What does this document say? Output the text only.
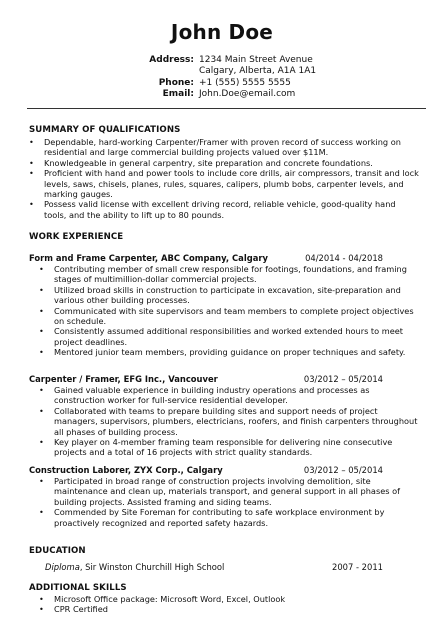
John Doe
Address: 1234 Main Street Avenue
Calgary, Alberta, A1A 1A1
Phone: +1 (555) 5555 5555
Email: John.Doe@email.com
SUMMARY OF QUALIFICATIONS
• Dependable, hard-working Carpenter/Framer with proven record of success working on residential and large commercial building projects valued over $11M.
• Knowledgeable in general carpentry, site preparation and concrete foundations.
• Proficient with hand and power tools to include core drills, air compressors, transit and lock levels, saws, chisels, planes, rules, squares, calipers, plumb bobs, carpenter levels, and marking gauges.
• Possess valid license with excellent driving record, reliable vehicle, good-quality hand tools, and the ability to lift up to 80 pounds.
WORK EXPERIENCE
Form and Frame Carpenter, ABC Company, Calgary	04/2014 - 04/2018
• Contributing member of small crew responsible for footings, foundations, and framing stages of multimillion-dollar commercial projects.
• Utilized broad skills in construction to participate in excavation, site-preparation and various other building processes.
• Communicated with site supervisors and team members to complete project objectives on schedule.
• Consistently assumed additional responsibilities and worked extended hours to meet project deadlines.
• Mentored junior team members, providing guidance on proper techniques and safety.
Carpenter / Framer, EFG Inc., Vancouver	03/2012 – 05/2014
• Gained valuable experience in building industry operations and processes as construction worker for full-service residential developer.
• Collaborated with teams to prepare building sites and support needs of project managers, supervisors, plumbers, electricians, roofers, and finish carpenters throughout all phases of building process.
• Key player on 4-member framing team responsible for delivering nine consecutive projects and a total of 16 projects with strict quality standards.
Construction Laborer, ZYX Corp., Calgary	03/2012 – 05/2014
• Participated in broad range of construction projects involving demolition, site maintenance and clean up, materials transport, and general support in all phases of building projects. Assisted framing and siding teams.
• Commended by Site Foreman for contributing to safe workplace environment by proactively recognized and reported safety hazards.
EDUCATION
Diploma, Sir Winston Churchill High School	2007 - 2011
ADDITIONAL SKILLS
• Microsoft Office package: Microsoft Word, Excel, Outlook
• CPR Certified
